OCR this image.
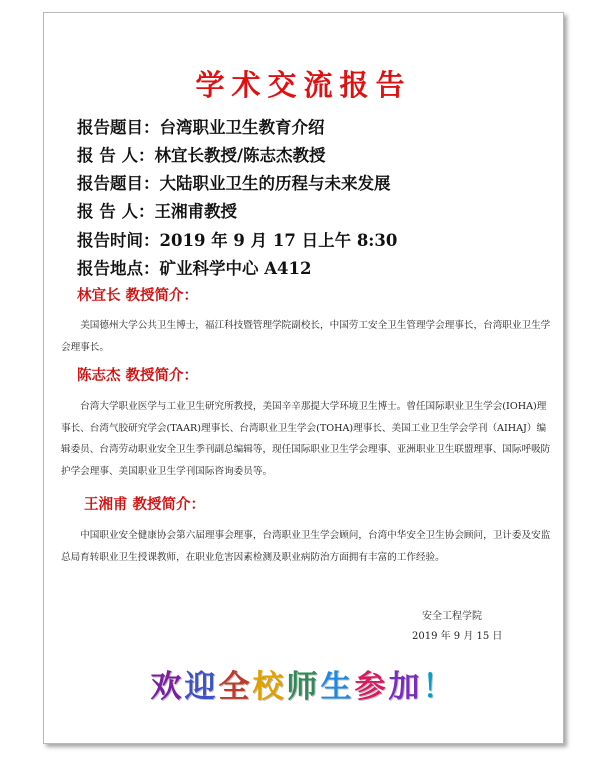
学术交流报告
报告题目：台湾职业卫生教育介绍
报 告 人：林宜长教授/陈志杰教授
报告题目：大陆职业卫生的历程与未来发展
报 告 人：王湘甫教授
报告时间：2019 年 9 月 17 日上午 8:30
报告地点：矿业科学中心 A412
林宜长 教授简介：
美国德州大学公共卫生博士，福江科技暨管理学院副校长，中国劳工安全卫生管理学会理事长，台湾职业卫生学会理事长。
陈志杰 教授简介：
台湾大学职业医学与工业卫生研究所教授，美国辛辛那提大学环境卫生博士。曾任国际职业卫生学会(IOHA)理事长、台湾气胶研究学会(TAAR)理事长、台湾职业卫生学会(TOHA)理事长、美国工业卫生学会学刊（AIHAJ）编辑委员、台湾劳动职业安全卫生季刊副总编辑等，现任国际职业卫生学会理事、亚洲职业卫生联盟理事、国际呼吸防护学会理事、美国职业卫生学刊国际咨询委员等。
王湘甫 教授简介：
中国职业安全健康协会第六届理事会理事，台湾职业卫生学会顾问，台湾中华安全卫生协会顾问，卫计委及安监总局育转职业卫生授课教师，在职业危害因素检测及职业病防治方面拥有丰富的工作经验。
安全工程学院
2019 年 9 月 15 日
欢迎全校师生参加！
